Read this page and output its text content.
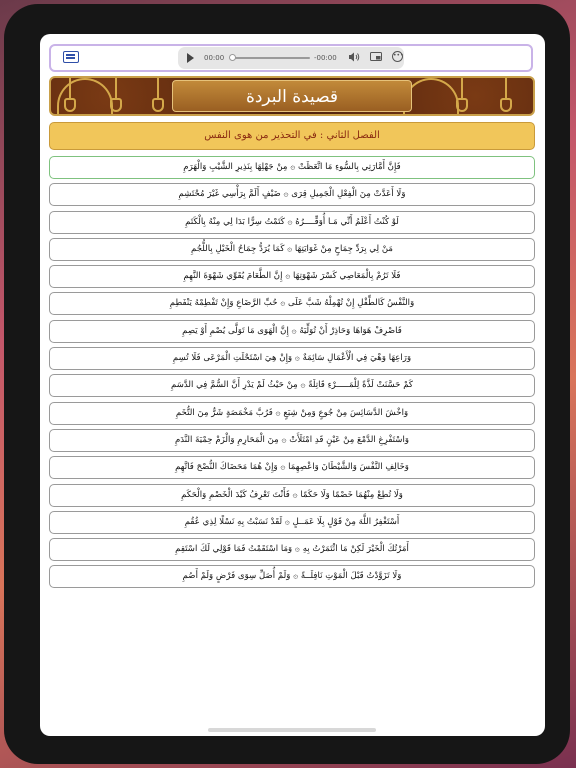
00:00	-00:00	•••
قصيدة البردة
الفصل الثاني : في التحذير من هوى النفس
فَإِنَّ أَمَّارَتِي بِالسُّوءِ مَا اتَّعَظَتْ ۞ مِنْ جَهْلِهَا بِنَذِيرِ الشَّيْبِ وَالْهَرَمِ
وَلَا أَعَدَّتْ مِنَ الْفِعْلِ الْجَمِيلِ قِرَى ۞ ضَيْفٍ أَلَمَّ بِرَأْسِي غَيْرَ مُحْتَشِمِ
لَوْ كُنْتُ أَعْلَمُ أَنِّي مَـا أُوَقِّــــرُهُ ۞ كَتَمْتُ سِرًّا بَدَا لِي مِنْهُ بِالْكَتَمِ
مَنْ لِي بِرَدِّ جِمَاحٍ مِنْ غَوَايَتِهَا ۞ كَمَا يُرَدُّ جِمَاحُ الْخَيْلِ بِاللُّجُمِ
فَلَا تَرُمْ بِالْمَعَاصِي كَسْرَ شَهْوَتِهَا ۞ إِنَّ الطَّعَامَ يُقَوِّي شَهْوَةَ النَّهِمِ
وَالنَّفْسُ كَالطِّفْلِ إِنْ تُهْمِلْهُ شَبَّ عَلَى ۞ حُبِّ الرَّضَاعِ وَإِنْ تَفْطِمْهُ يَنْفَطِمِ
فَاصْرِفْ هَوَاهَا وَحَاذِرْ أَنْ تُوَلِّيَهُ ۞ إِنَّ الْهَوَى مَا تَوَلَّى يُصْمِ أَوْ يَصِمِ
وَرَاعِهَا وَهْيَ فِي الْأَعْمَالِ سَائِمَةٌ ۞ وَإِنْ هِيَ اسْتَحْلَتِ الْمَرْعَى فَلَا تُسِمِ
كَمْ حَسَّنَتْ لَذَّةً لِلْمَـــــرْءِ قَاتِلَةً ۞ مِنْ حَيْثُ لَمْ يَدْرِ أَنَّ السُّمَّ فِي الدَّسَمِ
وَاخْشَ الدَّسَائِسَ مِنْ جُوعٍ وَمِنْ شِبَعٍ ۞ فَرُبَّ مَخْمَصَةٍ شَرٌّ مِنَ التُّخَمِ
وَاسْتَفْرِغِ الدَّمْعَ مِنْ عَيْنٍ قَدِ امْتَلَأَتْ ۞ مِنَ الْمَحَارِمِ وَالْزَمْ حِمْيَةَ النَّدَمِ
وَخَالِفِ النَّفْسَ وَالشَّيْطَانَ وَاعْصِهِمَا ۞ وَإِنْ هُمَا مَحَضَاكَ النُّصْحَ فَاتَّهِمِ
وَلَا تُطِعْ مِنْهُمَا خَصْمًا وَلَا حَكَمًا ۞ فَأَنْتَ تَعْرِفُ كَيْدَ الْخَصْمِ وَالْحَكَمِ
أَسْتَغْفِرُ اللَّهَ مِنْ قَوْلٍ بِلَا عَمَــلٍ ۞ لَقَدْ نَسَبْتُ بِهِ نَسْلًا لِذِي عُقُمِ
أَمَرْتُكَ الْخَيْرَ لَكِنْ مَا ائْتَمَرْتُ بِهِ ۞ وَمَا اسْتَقَمْتُ فَمَا قَوْلِي لَكَ اسْتَقِمِ
وَلَا تَزَوَّدْتُ قَبْلَ الْمَوْتِ نَافِلَــةً ۞ وَلَمْ أُصَلِّ سِوَى فَرْضٍ وَلَمْ أَصُمِ
